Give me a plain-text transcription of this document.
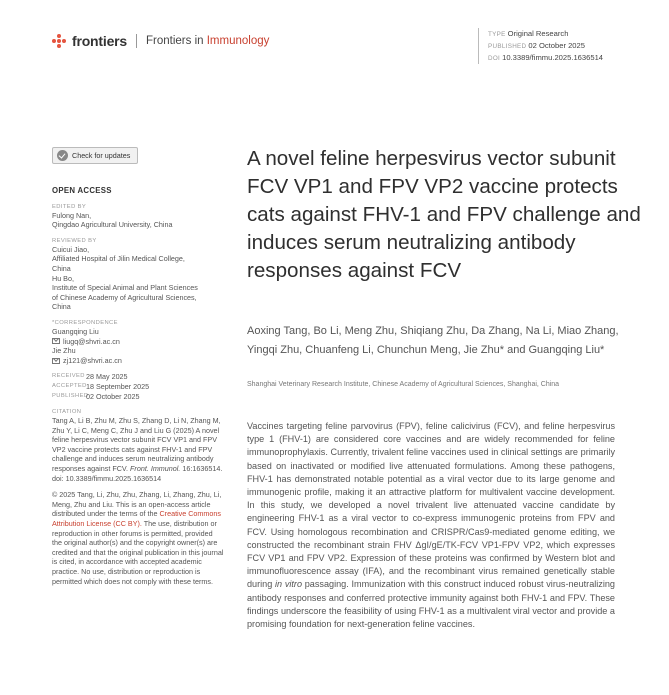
frontiers Frontiers in Immunology
TYPE Original Research
PUBLISHED 02 October 2025
DOI 10.3389/fimmu.2025.1636514
Check for updates
OPEN ACCESS
EDITED BY
Fulong Nan,
Qingdao Agricultural University, China
REVIEWED BY
Cuicui Jiao,
Affiliated Hospital of Jilin Medical College,
China
Hu Bo,
Institute of Special Animal and Plant Sciences
of Chinese Academy of Agricultural Sciences,
China
*CORRESPONDENCE
Guangqing Liu
liugq@shvri.ac.cn
Jie Zhu
zj121@shvri.ac.cn
RECEIVED 28 May 2025
ACCEPTED 18 September 2025
PUBLISHED
02 October 2025
CITATION
Tang A, Li B, Zhu M, Zhu S, Zhang D, Li N, Zhang M, Zhu Y, Li C, Meng C, Zhu J and Liu G (2025) A novel feline herpesvirus vector subunit FCV VP1 and FPV VP2 vaccine protects cats against FHV-1 and FPV challenge and induces serum neutralizing antibody responses against FCV. Front. Immunol. 16:1636514.
doi: 10.3389/fimmu.2025.1636514
© 2025 Tang, Li, Zhu, Zhu, Zhang, Li, Zhang, Zhu, Li, Meng, Zhu and Liu. This is an open-access article distributed under the terms of the Creative Commons Attribution License (CC BY). The use, distribution or reproduction in other forums is permitted, provided the original author(s) and the copyright owner(s) are credited and that the original publication in this journal is cited, in accordance with accepted academic practice. No use, distribution or reproduction is permitted which does not comply with these terms.
A novel feline herpesvirus vector subunit FCV VP1 and FPV VP2 vaccine protects cats against FHV-1 and FPV challenge and induces serum neutralizing antibody responses against FCV
Aoxing Tang, Bo Li, Meng Zhu, Shiqiang Zhu, Da Zhang, Na Li, Miao Zhang, Yingqi Zhu, Chuanfeng Li, Chunchun Meng, Jie Zhu* and Guangqing Liu*
Shanghai Veterinary Research Institute, Chinese Academy of Agricultural Sciences, Shanghai, China
Vaccines targeting feline parvovirus (FPV), feline calicivirus (FCV), and feline herpesvirus type 1 (FHV-1) are considered core vaccines and are widely recommended for feline immunoprophylaxis. Currently, trivalent feline vaccines used in clinical settings are primarily based on inactivated or modified live attenuated formulations. Among these pathogens, FHV-1 has demonstrated notable potential as a viral vector due to its large genome and immunogenic profile, making it an attractive platform for multivalent vaccine development. In this study, we developed a novel trivalent live attenuated vaccine candidate by engineering FHV-1 as a viral vector to co-express immunogenic proteins from FPV and FCV. Using homologous recombination and CRISPR/Cas9-mediated genome editing, we constructed the recombinant strain FHV ΔgI/gE/TK-FCV VP1-FPV VP2, which expresses FCV VP1 and FPV VP2. Expression of these proteins was confirmed by Western blot and immunofluorescence assay (IFA), and the recombinant virus remained genetically stable during in vitro passaging. Immunization with this construct induced robust virus-neutralizing antibody responses and conferred protective immunity against both FHV-1 and FPV. These findings underscore the feasibility of using FHV-1 as a multivalent viral vector and provide a promising foundation for next-generation feline vaccines.
